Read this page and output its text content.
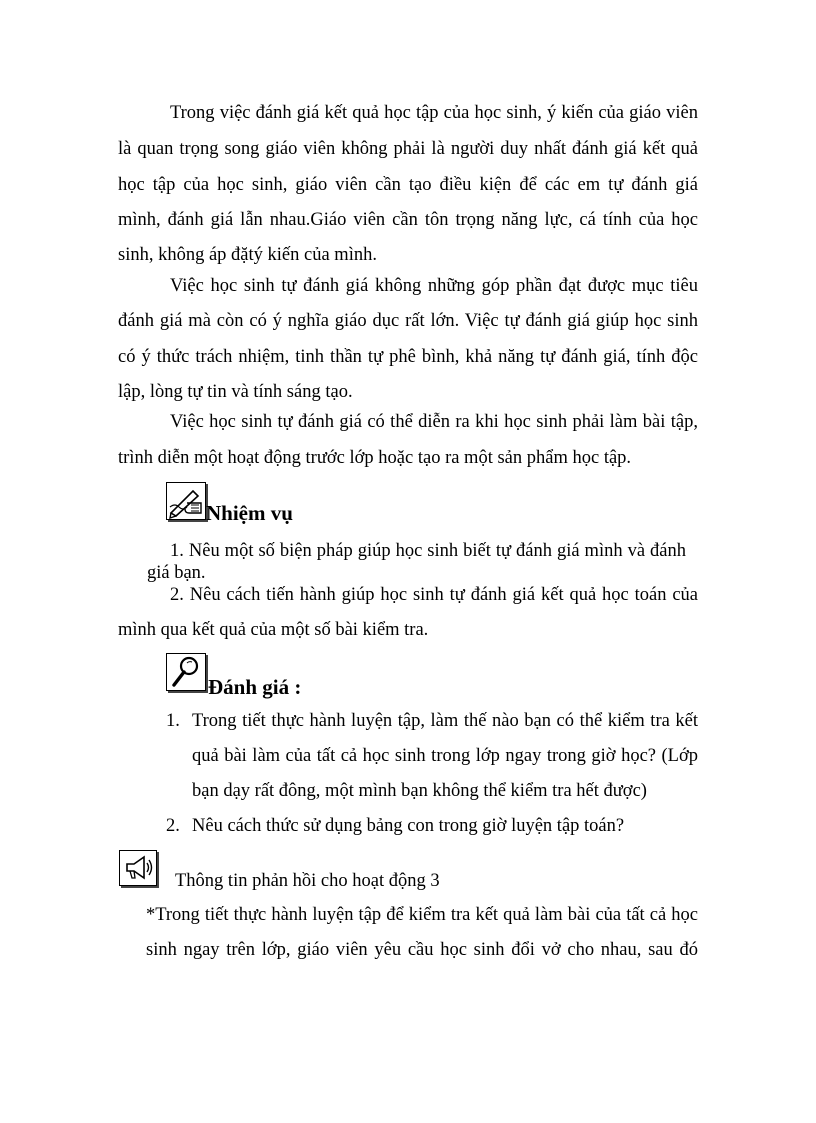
Trong việc đánh giá kết quả học tập của học sinh, ý kiến của giáo viên
là quan trọng song giáo viên không phải là người duy nhất đánh giá kết quả
học tập của học sinh, giáo viên cần tạo điều kiện để các em tự đánh giá
mình, đánh giá lẫn nhau.Giáo viên cần tôn trọng năng lực, cá tính của học
sinh, không áp đặtý kiến của mình.
Việc học sinh tự đánh giá không những góp phần đạt được mục tiêu
đánh giá mà còn có ý nghĩa giáo dục rất lớn. Việc tự đánh giá giúp học sinh
có ý thức trách nhiệm, tinh thần tự phê bình, khả năng tự đánh giá, tính độc
lập, lòng tự tin và tính sáng tạo.
Việc học sinh tự đánh giá có thể diễn ra khi học sinh phải làm bài tập,
trình diễn một hoạt động trước lớp hoặc tạo ra một sản phẩm học tập.
Nhiệm vụ
1. Nêu một số biện pháp giúp học sinh biết tự đánh giá mình và đánh
giá bạn.
2. Nêu cách tiến hành giúp học sinh tự đánh giá kết quả học toán của
mình qua kết quả của một số bài kiểm tra.
Đánh giá :
1. Trong tiết thực hành luyện tập, làm thế nào bạn có thể kiểm tra kết
quả bài làm của tất cả học sinh trong lớp ngay trong giờ học? (Lớp
bạn dạy rất đông, một mình bạn không thể kiểm tra hết được)
2. Nêu cách thức sử dụng bảng con trong giờ luyện tập toán?
Thông tin phản hồi cho hoạt động 3
*Trong tiết thực hành luyện tập để kiểm tra kết quả làm bài của tất cả học
sinh ngay trên lớp, giáo viên yêu cầu học sinh đổi vở cho nhau, sau đó
